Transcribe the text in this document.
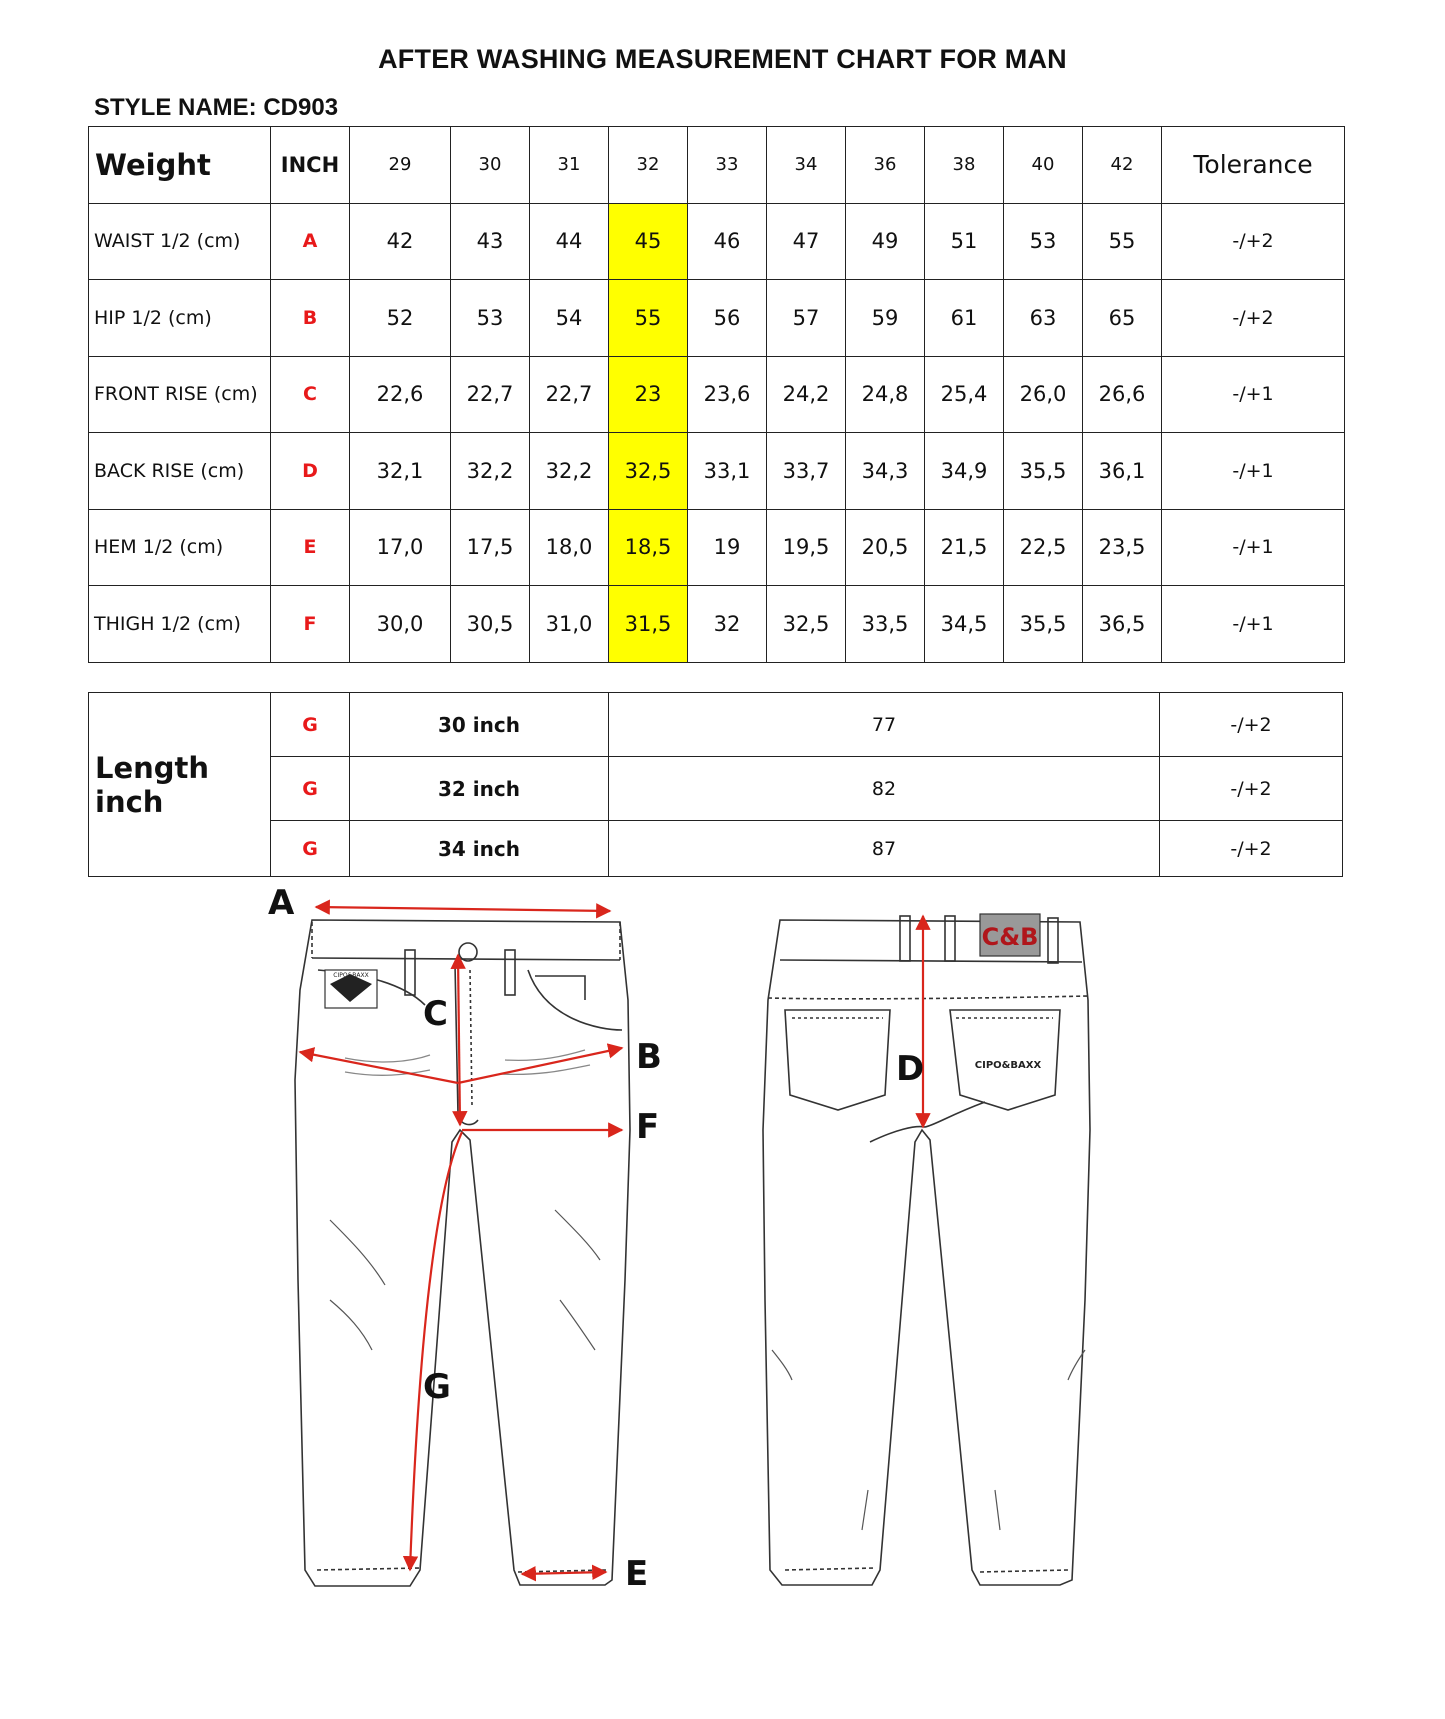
AFTER WASHING MEASUREMENT CHART FOR MAN
STYLE NAME: CD903
Weight	INCH	29	30	31	32	33	34	36	38	40	42	Tolerance
WAIST 1/2 (cm)	A	42	43	44	45	46	47	49	51	53	55	-/+2
HIP 1/2 (cm)	B	52	53	54	55	56	57	59	61	63	65	-/+2
FRONT RISE (cm)	C	22,6	22,7	22,7	23	23,6	24,2	24,8	25,4	26,0	26,6	-/+1
BACK RISE (cm)	D	32,1	32,2	32,2	32,5	33,1	33,7	34,3	34,9	35,5	36,1	-/+1
HEM 1/2 (cm)	E	17,0	17,5	18,0	18,5	19	19,5	20,5	21,5	22,5	23,5	-/+1
THIGH 1/2 (cm)	F	30,0	30,5	31,0	31,5	32	32,5	33,5	34,5	35,5	36,5	-/+1
Length inch	G	30 inch	77	-/+2
	G	32 inch	82	-/+2
	G	34 inch	87	-/+2
CIPO&BAXX
A
C
B
F
G
E
C&B
CIPO&BAXX
D
